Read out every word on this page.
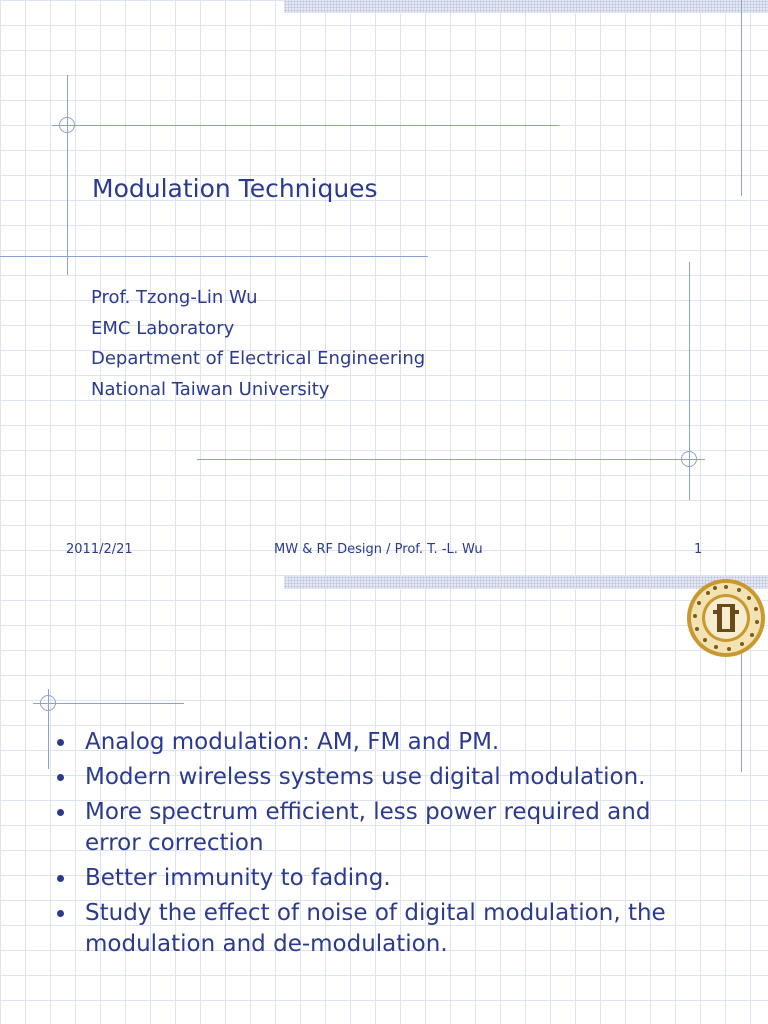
Modulation Techniques
Prof. Tzong-Lin Wu
EMC Laboratory
Department of Electrical Engineering
National Taiwan University
2011/2/21	MW & RF Design / Prof. T. -L. Wu	1
Analog modulation: AM, FM and PM.
Modern wireless systems use digital modulation.
More spectrum efficient, less power required and error correction
Better immunity to fading.
Study the effect of noise of digital modulation, the modulation and de-modulation.
